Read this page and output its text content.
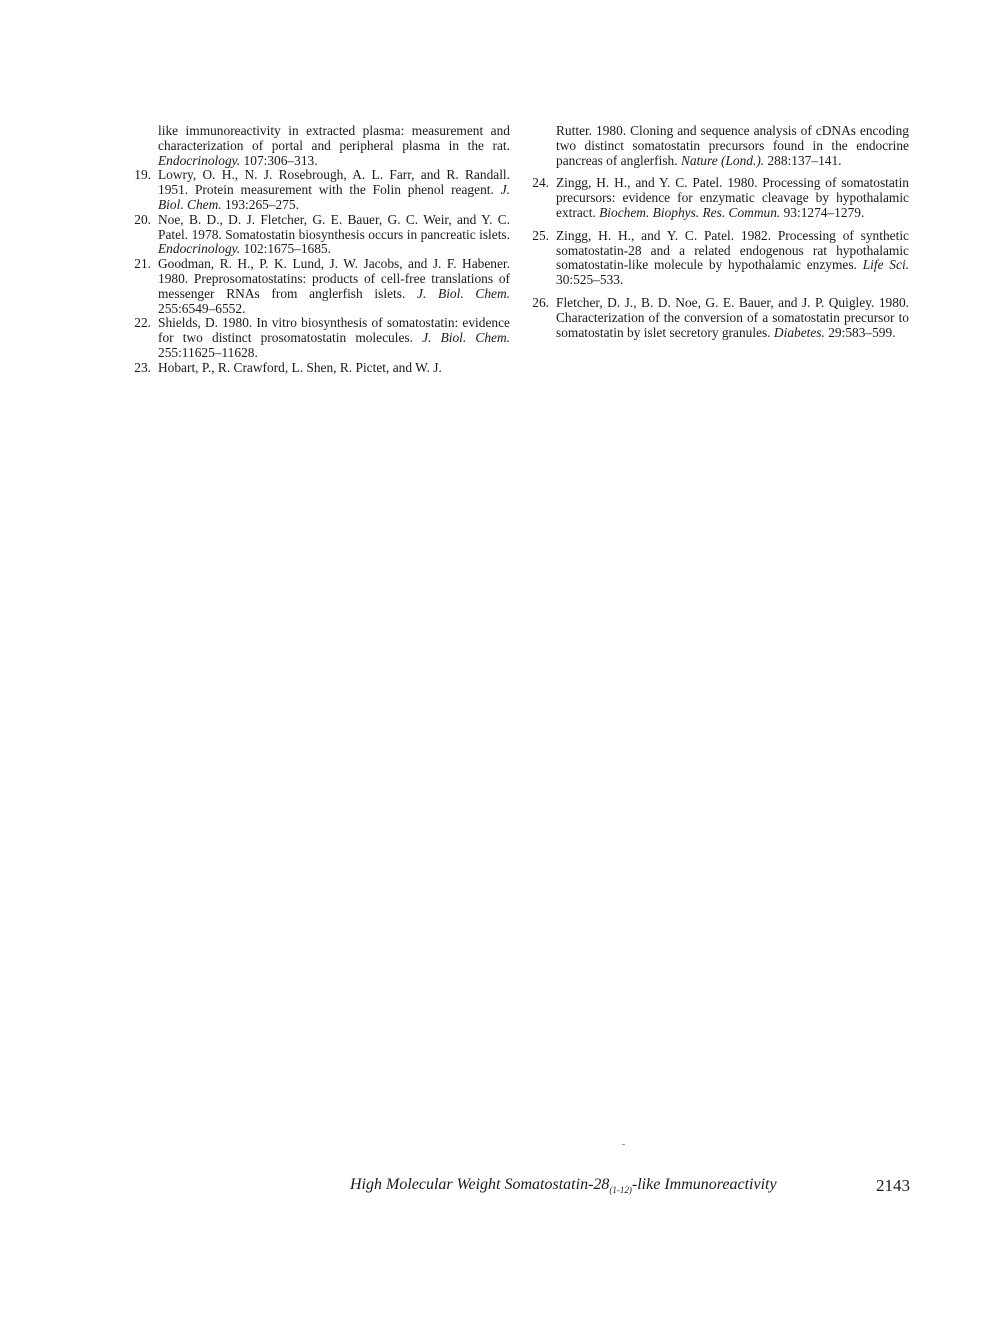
like immunoreactivity in extracted plasma: measurement and characterization of portal and peripheral plasma in the rat. Endocrinology. 107:306–313.

19. Lowry, O. H., N. J. Rosebrough, A. L. Farr, and R. Randall. 1951. Protein measurement with the Folin phenol reagent. J. Biol. Chem. 193:265–275.

20. Noe, B. D., D. J. Fletcher, G. E. Bauer, G. C. Weir, and Y. C. Patel. 1978. Somatostatin biosynthesis occurs in pancreatic islets. Endocrinology. 102:1675–1685.

21. Goodman, R. H., P. K. Lund, J. W. Jacobs, and J. F. Habener. 1980. Preprosomatostatins: products of cell-free translations of messenger RNAs from anglerfish islets. J. Biol. Chem. 255:6549–6552.

22. Shields, D. 1980. In vitro biosynthesis of somatostatin: evidence for two distinct prosomatostatin molecules. J. Biol. Chem. 255:11625–11628.

23. Hobart, P., R. Crawford, L. Shen, R. Pictet, and W. J.

Rutter. 1980. Cloning and sequence analysis of cDNAs encoding two distinct somatostatin precursors found in the endocrine pancreas of anglerfish. Nature (Lond.). 288:137–141.

24. Zingg, H. H., and Y. C. Patel. 1980. Processing of somatostatin precursors: evidence for enzymatic cleavage by hypothalamic extract. Biochem. Biophys. Res. Commun. 93:1274–1279.

25. Zingg, H. H., and Y. C. Patel. 1982. Processing of synthetic somatostatin-28 and a related endogenous rat hypothalamic somatostatin-like molecule by hypothalamic enzymes. Life Sci. 30:525–533.

26. Fletcher, D. J., B. D. Noe, G. E. Bauer, and J. P. Quigley. 1980. Characterization of the conversion of a somatostatin precursor to somatostatin by islet secretory granules. Diabetes. 29:583–599.

High Molecular Weight Somatostatin-$28_{(1-12)}$-like Immunoreactivity	2143
